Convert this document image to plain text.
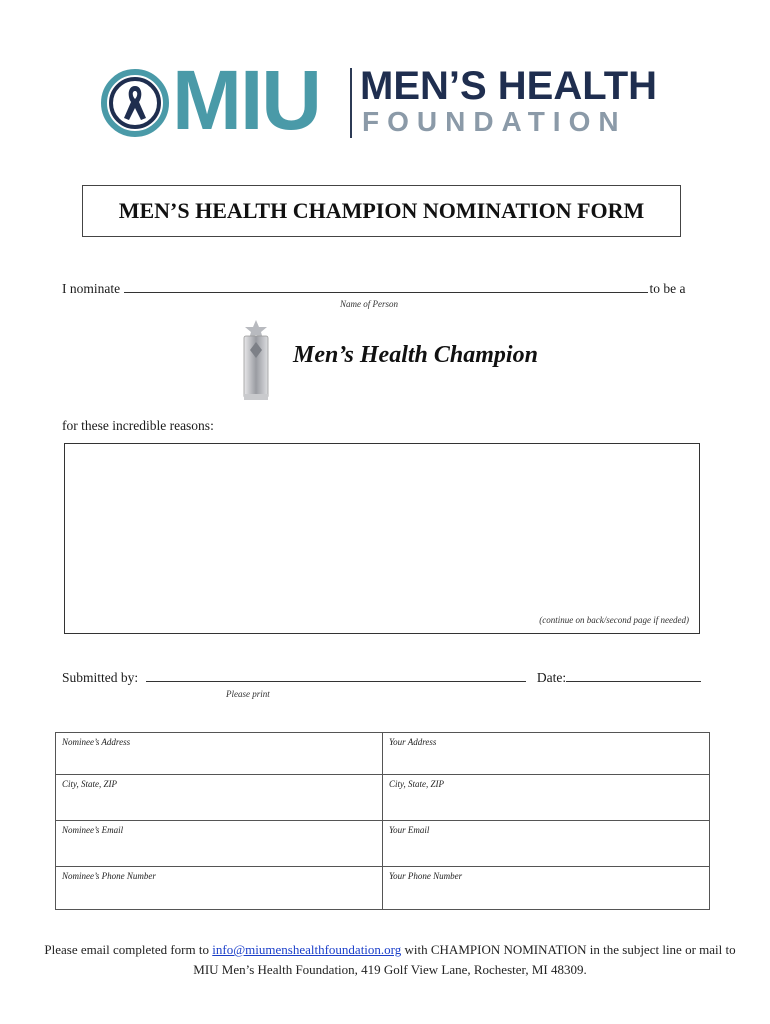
MIU MEN’S HEALTH
FOUNDATION
MEN’S HEALTH CHAMPION NOMINATION FORM
I nominate	to be a
Name of Person
Men’s Health Champion
for these incredible reasons:
(continue on back/second page if needed)
Submitted by:	Date:
Please print
Nominee’s Address	Your Address
City, State, ZIP	City, State, ZIP
Nominee’s Email	Your Email
Nominee’s Phone Number	Your Phone Number
Please email completed form to info@miumenshealthfoundation.org with CHAMPION NOMINATION in the subject line or mail to MIU Men’s Health Foundation, 419 Golf View Lane, Rochester, MI 48309.
